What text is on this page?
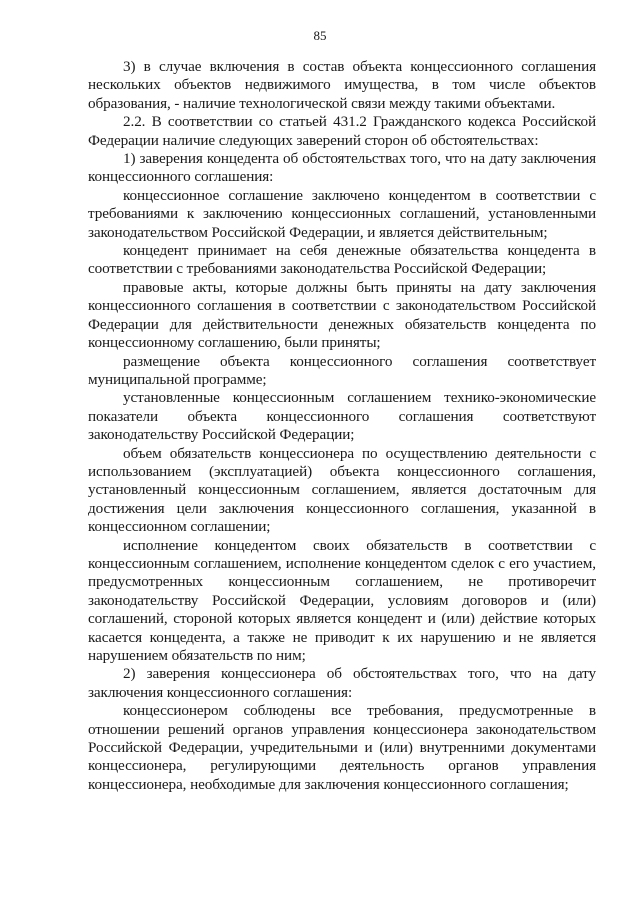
85

3) в случае включения в состав объекта концессионного соглашения нескольких объектов недвижимого имущества, в том числе объектов образования, - наличие технологической связи между такими объектами.

2.2. В соответствии со статьей 431.2 Гражданского кодекса Российской Федерации наличие следующих заверений сторон об обстоятельствах:

1) заверения концедента об обстоятельствах того, что на дату заключения концессионного соглашения:

концессионное соглашение заключено концедентом в соответствии с требованиями к заключению концессионных соглашений, установленными законодательством Российской Федерации, и является действительным;

концедент принимает на себя денежные обязательства концедента в соответствии с требованиями законодательства Российской Федерации;

правовые акты, которые должны быть приняты на дату заключения концессионного соглашения в соответствии с законодательством Российской Федерации для действительности денежных обязательств концедента по концессионному соглашению, были приняты;

размещение объекта концессионного соглашения соответствует муниципальной программе;

установленные концессионным соглашением технико-экономические показатели объекта концессионного соглашения соответствуют законодательству Российской Федерации;

объем обязательств концессионера по осуществлению деятельности с использованием (эксплуатацией) объекта концессионного соглашения, установленный концессионным соглашением, является достаточным для достижения цели заключения концессионного соглашения, указанной в концессионном соглашении;

исполнение концедентом своих обязательств в соответствии с концессионным соглашением, исполнение концедентом сделок с его участием, предусмотренных концессионным соглашением, не противоречит законодательству Российской Федерации, условиям договоров и (или) соглашений, стороной которых является концедент и (или) действие которых касается концедента, а также не приводит к их нарушению и не является нарушением обязательств по ним;

2) заверения концессионера об обстоятельствах того, что на дату заключения концессионного соглашения:

концессионером соблюдены все требования, предусмотренные в отношении решений органов управления концессионера законодательством Российской Федерации, учредительными и (или) внутренними документами концессионера, регулирующими деятельность органов управления концессионера, необходимые для заключения концессионного соглашения;
